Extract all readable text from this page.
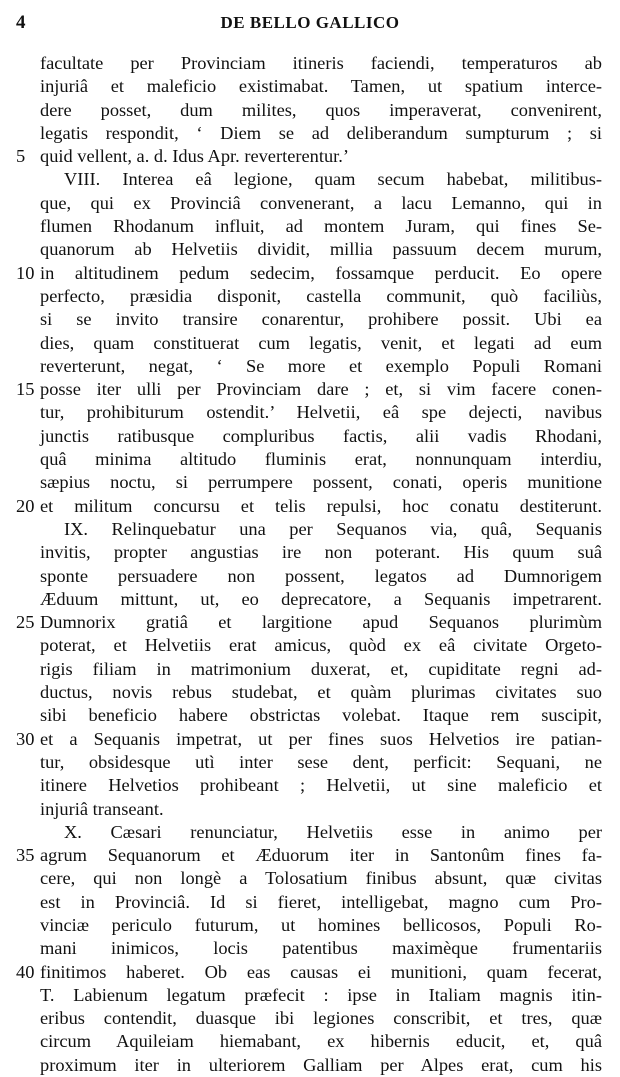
4	DE BELLO GALLICO
facultate per Provinciam itineris faciendi, temperaturos ab
injuriâ et maleficio existimabat. Tamen, ut spatium interce-
dere posset, dum milites, quos imperaverat, convenirent,
legatis respondit, ‘ Diem se ad deliberandum sumpturum ; si
5 quid vellent, a. d. Idus Apr. reverterentur.’
VIII. Interea eâ legione, quam secum habebat, militibus-
que, qui ex Provinciâ convenerant, a lacu Lemanno, qui in
flumen Rhodanum influit, ad montem Juram, qui fines Se-
quanorum ab Helvetiis dividit, millia passuum decem murum,
10 in altitudinem pedum sedecim, fossamque perducit. Eo opere
perfecto, præsidia disponit, castella communit, quò faciliùs,
si se invito transire conarentur, prohibere possit. Ubi ea
dies, quam constituerat cum legatis, venit, et legati ad eum
reverterunt, negat, ‘ Se more et exemplo Populi Romani
15 posse iter ulli per Provinciam dare ; et, si vim facere conen-
tur, prohibiturum ostendit.’ Helvetii, eâ spe dejecti, navibus
junctis ratibusque compluribus factis, alii vadis Rhodani,
quâ minima altitudo fluminis erat, nonnunquam interdiu,
sæpius noctu, si perrumpere possent, conati, operis munitione
20 et militum concursu et telis repulsi, hoc conatu destiterunt.
IX. Relinquebatur una per Sequanos via, quâ, Sequanis
invitis, propter angustias ire non poterant. His quum suâ
sponte persuadere non possent, legatos ad Dumnorigem
Æduum mittunt, ut, eo deprecatore, a Sequanis impetrarent.
25 Dumnorix gratiâ et largitione apud Sequanos plurimùm
poterat, et Helvetiis erat amicus, quòd ex eâ civitate Orgeto-
rigis filiam in matrimonium duxerat, et, cupiditate regni ad-
ductus, novis rebus studebat, et quàm plurimas civitates suo
sibi beneficio habere obstrictas volebat. Itaque rem suscipit,
30 et a Sequanis impetrat, ut per fines suos Helvetios ire patian-
tur, obsidesque utì inter sese dent, perficit: Sequani, ne
itinere Helvetios prohibeant ; Helvetii, ut sine maleficio et
injuriâ transeant.
X. Cæsari renunciatur, Helvetiis esse in animo per
35 agrum Sequanorum et Æduorum iter in Santonûm fines fa-
cere, qui non longè a Tolosatium finibus absunt, quæ civitas
est in Provinciâ. Id si fieret, intelligebat, magno cum Pro-
vinciæ periculo futurum, ut homines bellicosos, Populi Ro-
mani inimicos, locis patentibus maximèque frumentariis
40 finitimos haberet. Ob eas causas ei munitioni, quam fecerat,
T. Labienum legatum præfecit : ipse in Italiam magnis itin-
eribus contendit, duasque ibi legiones conscribit, et tres, quæ
circum Aquileiam hiemabant, ex hibernis educit, et, quâ
proximum iter in ulteriorem Galliam per Alpes erat, cum his
